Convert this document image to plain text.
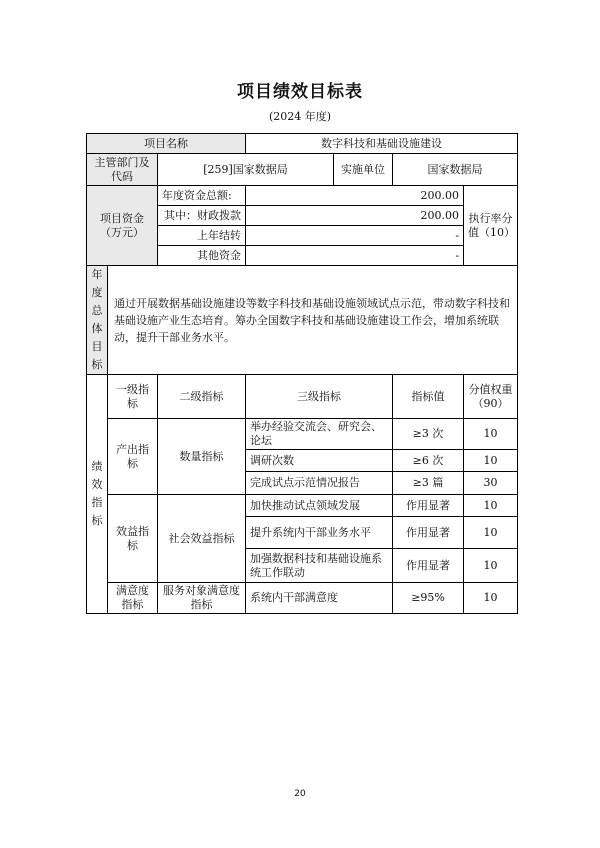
项目绩效目标表
(2024 年度)
项目名称			数字科技和基础设施建设			
主管部门及代码		[259]国家数据局		实施单位	国家数据局	
项目资金（万元）		年度资金总额:	200.00			执行率分值（10）
		其中：财政拨款	200.00			
		上年结转	-			
		其他资金	-			
年度总体目标	通过开展数据基础设施建设等数字科技和基础设施领域试点示范，带动数字科技和基础设施产业生态培育。筹办全国数字科技和基础设施建设工作会，增加系统联动，提升干部业务水平。					
绩效指标	一级指标	二级指标	三级指标		指标值	分值权重（90）
	产出指标	数量指标	举办经验交流会、研究会、论坛		≥3 次	10
			调研次数		≥6 次	10
			完成试点示范情况报告		≥3 篇	30
	效益指标	社会效益指标	加快推动试点领域发展		作用显著	10
			提升系统内干部业务水平		作用显著	10
			加强数据科技和基础设施系统工作联动		作用显著	10
	满意度指标	服务对象满意度指标	系统内干部满意度		≥95%	10
20
